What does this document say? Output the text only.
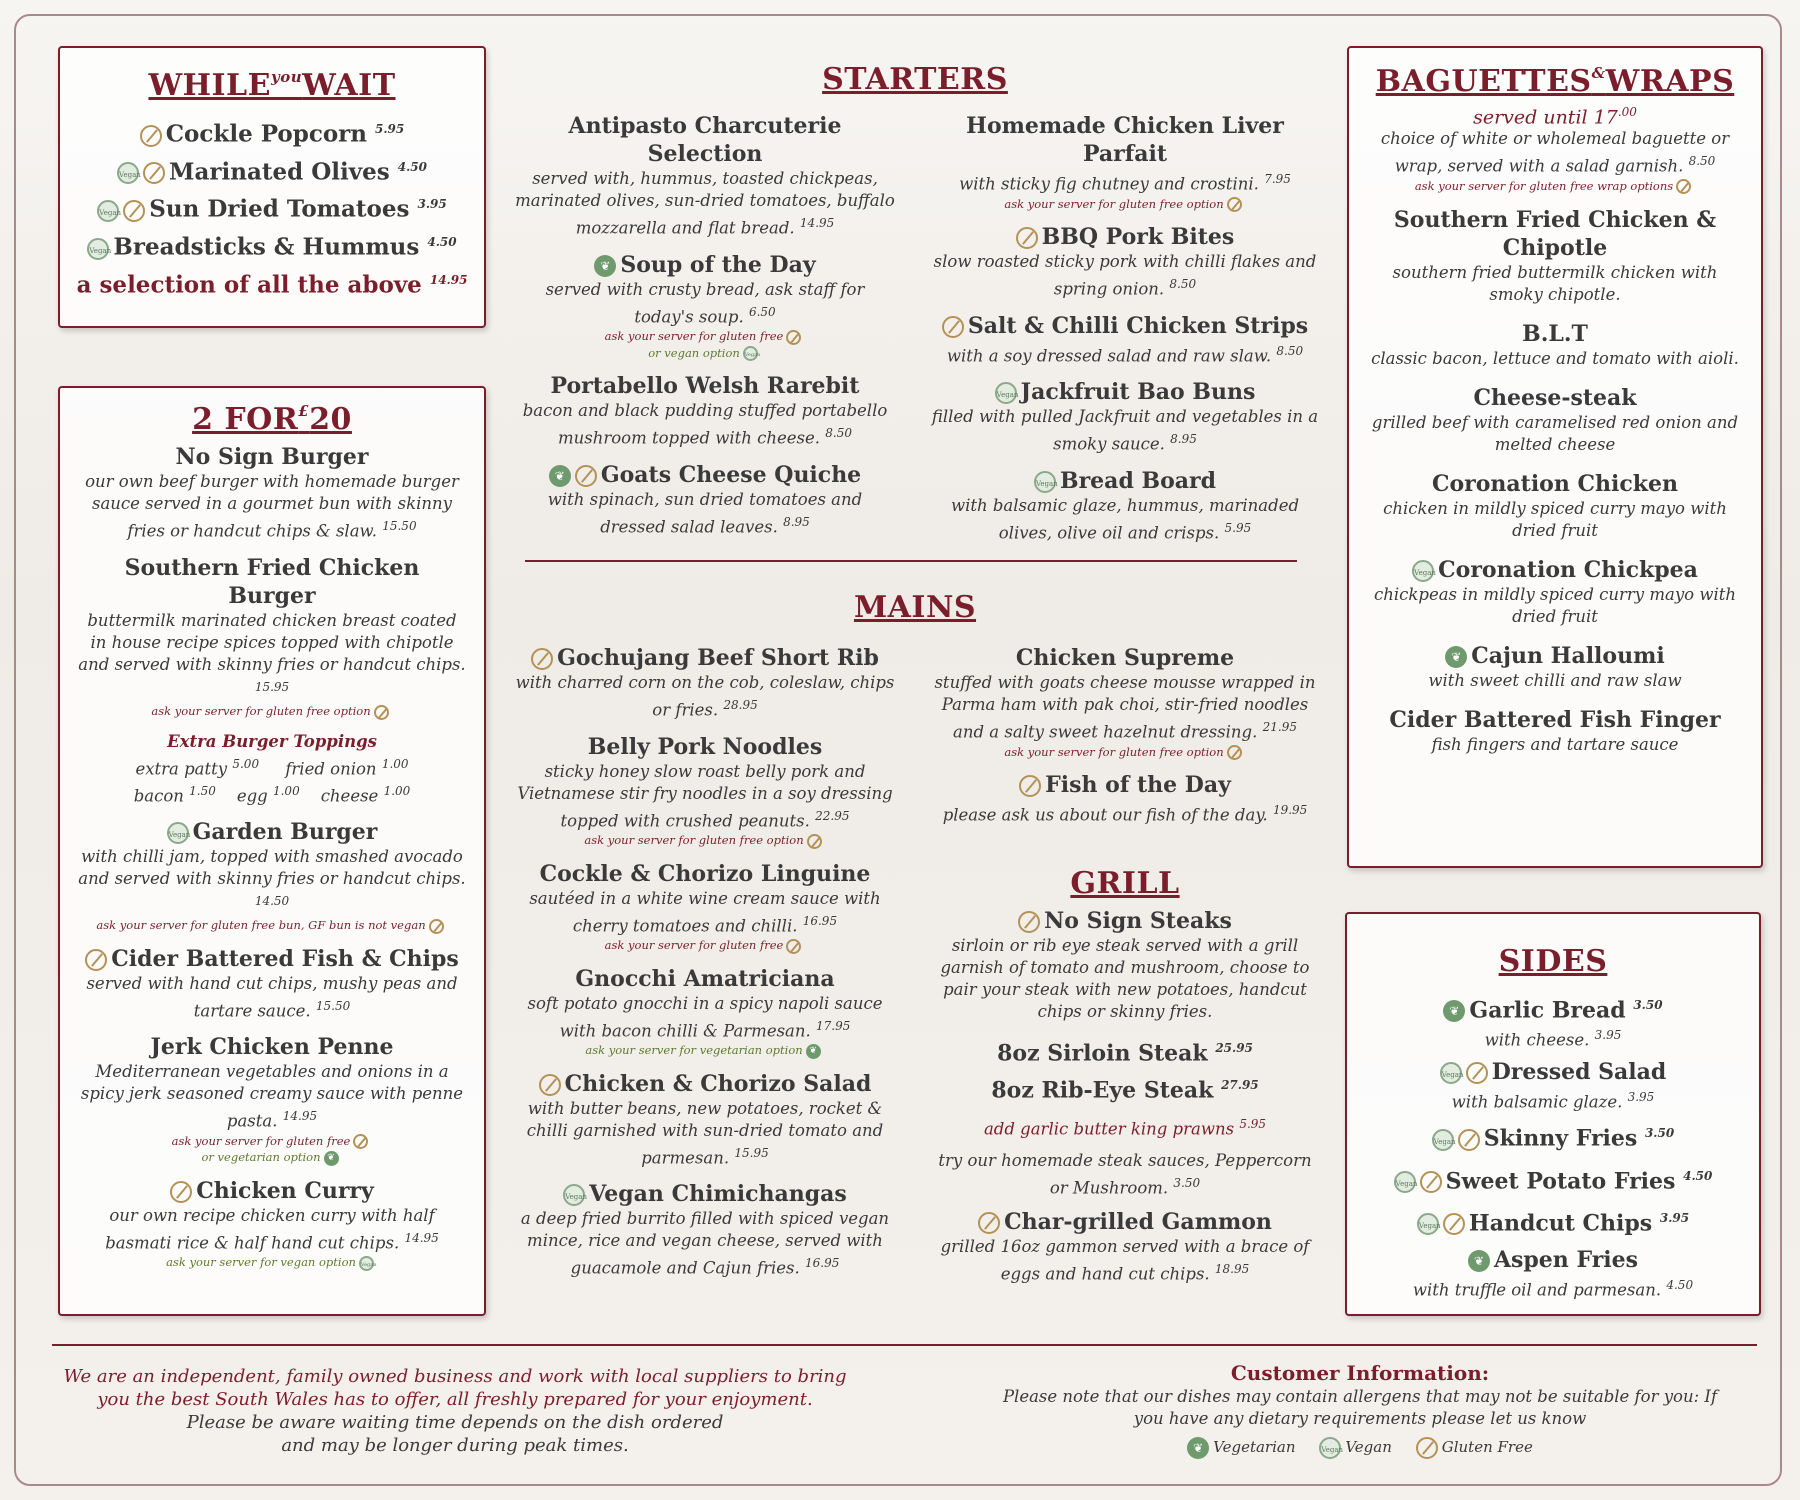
$WHILE^{you}WAIT$
Cockle Popcorn $^{5.95}$
Vegan Marinated Olives $^{4.50}$
Vegan Sun Dried Tomatoes $^{3.95}$
VeganBreadsticks & Hummus $^{4.50}$
a selection of all the above $^{14.95}$
2 FOR£20
No Sign Burger
our own beef burger with homemade burger sauce served in a gourmet bun with skinny fries or handcut chips & slaw. $^{15.50}$
Southern Fried Chicken Burger
buttermilk marinated chicken breast coated in house recipe spices topped with chipotle and served with skinny fries or handcut chips. $^{15.95}$
ask your server for gluten free option
Extra Burger Toppings
extra patty $^{5.00}$ fried onion $^{1.00}$
bacon $^{1.50}$ egg $^{1.00}$ cheese $^{1.00}$
Vegan Garden Burger
with chilli jam, topped with smashed avocado and served with skinny fries or handcut chips. $^{14.50}$
ask your server for gluten free bun, GF bun is not vegan
Cider Battered Fish & Chips
served with hand cut chips, mushy peas and tartare sauce. $^{15.50}$
Jerk Chicken Penne
Mediterranean vegetables and onions in a spicy jerk seasoned creamy sauce with penne pasta. $^{14.95}$
ask your server for gluten free
or vegetarian option ❦
Chicken Curry
our own recipe chicken curry with half basmati rice & half hand cut chips. $^{14.95}$
ask your server for vegan option Vegan
STARTERS
Antipasto Charcuterie Selection
served with, hummus, toasted chickpeas, marinated olives, sun-dried tomatoes, buffalo mozzarella and flat bread. $^{14.95}$
❦ Soup of the Day
served with crusty bread, ask staff for today's soup. $^{6.50}$
ask your server for gluten free
or vegan option Vegan
Portabello Welsh Rarebit
bacon and black pudding stuffed portabello mushroom topped with cheese. $^{8.50}$
❦ Goats Cheese Quiche
with spinach, sun dried tomatoes and dressed salad leaves. $^{8.95}$
Homemade Chicken Liver Parfait
with sticky fig chutney and crostini. $^{7.95}$
ask your server for gluten free option
BBQ Pork Bites
slow roasted sticky pork with chilli flakes and spring onion. $^{8.50}$
Salt & Chilli Chicken Strips
with a soy dressed salad and raw slaw. $^{8.50}$
Vegan Jackfruit Bao Buns
filled with pulled Jackfruit and vegetables in a smoky sauce. $^{8.95}$
Vegan Bread Board
with balsamic glaze, hummus, marinaded olives, olive oil and crisps. $^{5.95}$
MAINS
Gochujang Beef Short Rib
with charred corn on the cob, coleslaw, chips or fries. $^{28.95}$
Belly Pork Noodles
sticky honey slow roast belly pork and Vietnamese stir fry noodles in a soy dressing topped with crushed peanuts. $^{22.95}$
ask your server for gluten free option
Cockle & Chorizo Linguine
sautéed in a white wine cream sauce with cherry tomatoes and chilli. $^{16.95}$
ask your server for gluten free
Gnocchi Amatriciana
soft potato gnocchi in a spicy napoli sauce with bacon chilli & Parmesan. $^{17.95}$
ask your server for vegetarian option ❦
Chicken & Chorizo Salad
with butter beans, new potatoes, rocket & chilli garnished with sun-dried tomato and parmesan. $^{15.95}$
Vegan Vegan Chimichangas
a deep fried burrito filled with spiced vegan mince, rice and vegan cheese, served with guacamole and Cajun fries. $^{16.95}$
Chicken Supreme
stuffed with goats cheese mousse wrapped in Parma ham with pak choi, stir-fried noodles and a salty sweet hazelnut dressing. $^{21.95}$
ask your server for gluten free option
Fish of the Day
please ask us about our fish of the day. $^{19.95}$
GRILL
No Sign Steaks
sirloin or rib eye steak served with a grill garnish of tomato and mushroom, choose to pair your steak with new potatoes, handcut chips or skinny fries.
8oz Sirloin Steak $^{25.95}$
8oz Rib-Eye Steak $^{27.95}$
add garlic butter king prawns $^{5.95}$
try our homemade steak sauces, Peppercorn or Mushroom. $^{3.50}$
Char-grilled Gammon
grilled 16oz gammon served with a brace of eggs and hand cut chips. $^{18.95}$
BAGUETTES&WRAPS
served until $17^{.00}$
choice of white or wholemeal baguette or wrap, served with a salad garnish. $^{8.50}$
ask your server for gluten free wrap options
Southern Fried Chicken & Chipotle
southern fried buttermilk chicken with smoky chipotle.
B.L.T
classic bacon, lettuce and tomato with aioli.
Cheese-steak
grilled beef with caramelised red onion and melted cheese
Coronation Chicken
chicken in mildly spiced curry mayo with dried fruit
Vegan Coronation Chickpea
chickpeas in mildly spiced curry mayo with dried fruit
❦ Cajun Halloumi
with sweet chilli and raw slaw
Cider Battered Fish Finger
fish fingers and tartare sauce
SIDES
❦ Garlic Bread $^{3.50}$
with cheese. $^{3.95}$
Vegan Dressed Salad
with balsamic glaze. $^{3.95}$
Vegan Skinny Fries $^{3.50}$
Vegan Sweet Potato Fries $^{4.50}$
Vegan Handcut Chips $^{3.95}$
❦ Aspen Fries
with truffle oil and parmesan. $^{4.50}$
We are an independent, family owned business and work with local suppliers to bring
you the best South Wales has to offer, all freshly prepared for your enjoyment.
Please be aware waiting time depends on the dish ordered
and may be longer during peak times.
Customer Information:
Please note that our dishes may contain allergens that may not be suitable for you: If
you have any dietary requirements please let us know
❦ Vegetarian	Vegan Vegan	Gluten Free
